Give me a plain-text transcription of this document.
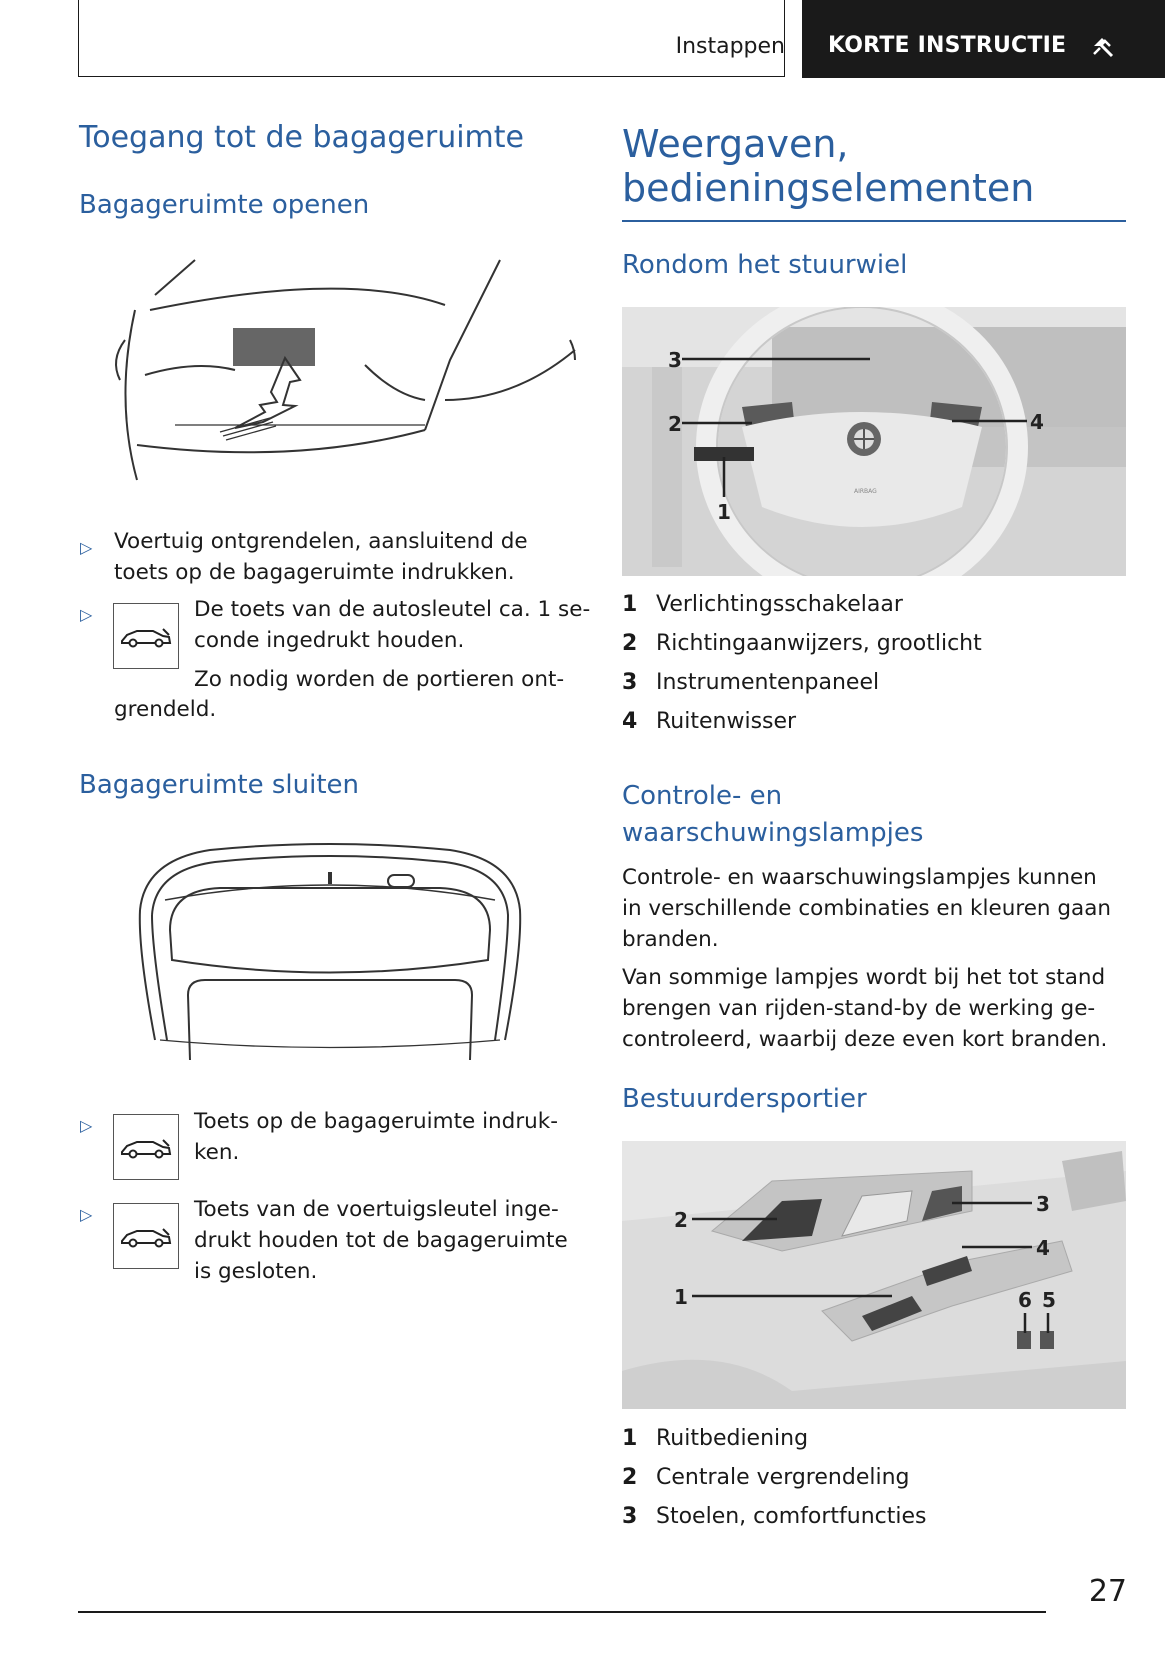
Instappen KORTE INSTRUCTIE
Toegang tot de bagageruimte
Bagageruimte openen
▷ Voertuig ontgrendelen, aansluitend de
toets op de bagageruimte indrukken.
▷	De toets van de autosleutel ca. 1 se-
conde ingedrukt houden.
Zo nodig worden de portieren ont-
grendeld.
Bagageruimte sluiten
▷	Toets op de bagageruimte indruk-
ken.
▷	Toets van de voertuigsleutel inge-
drukt houden tot de bagageruimte
is gesloten.
Weergaven,
bedieningselementen
Rondom het stuurwiel
AIRBAG
3
2	4
1
1 Verlichtingsschakelaar
2 Richtingaanwijzers, grootlicht
3 Instrumentenpaneel
4 Ruitenwisser
Controle- en
waarschuwingslampjes
Controle- en waarschuwingslampjes kunnen
in verschillende combinaties en kleuren gaan
branden.
Van sommige lampjes wordt bij het tot stand
brengen van rijden-stand-by de werking ge-
controleerd, waarbij deze even kort branden.
Bestuurdersportier
2
3
4
1	6 5
1 Ruitbediening
2 Centrale vergrendeling
3 Stoelen, comfortfuncties
27
